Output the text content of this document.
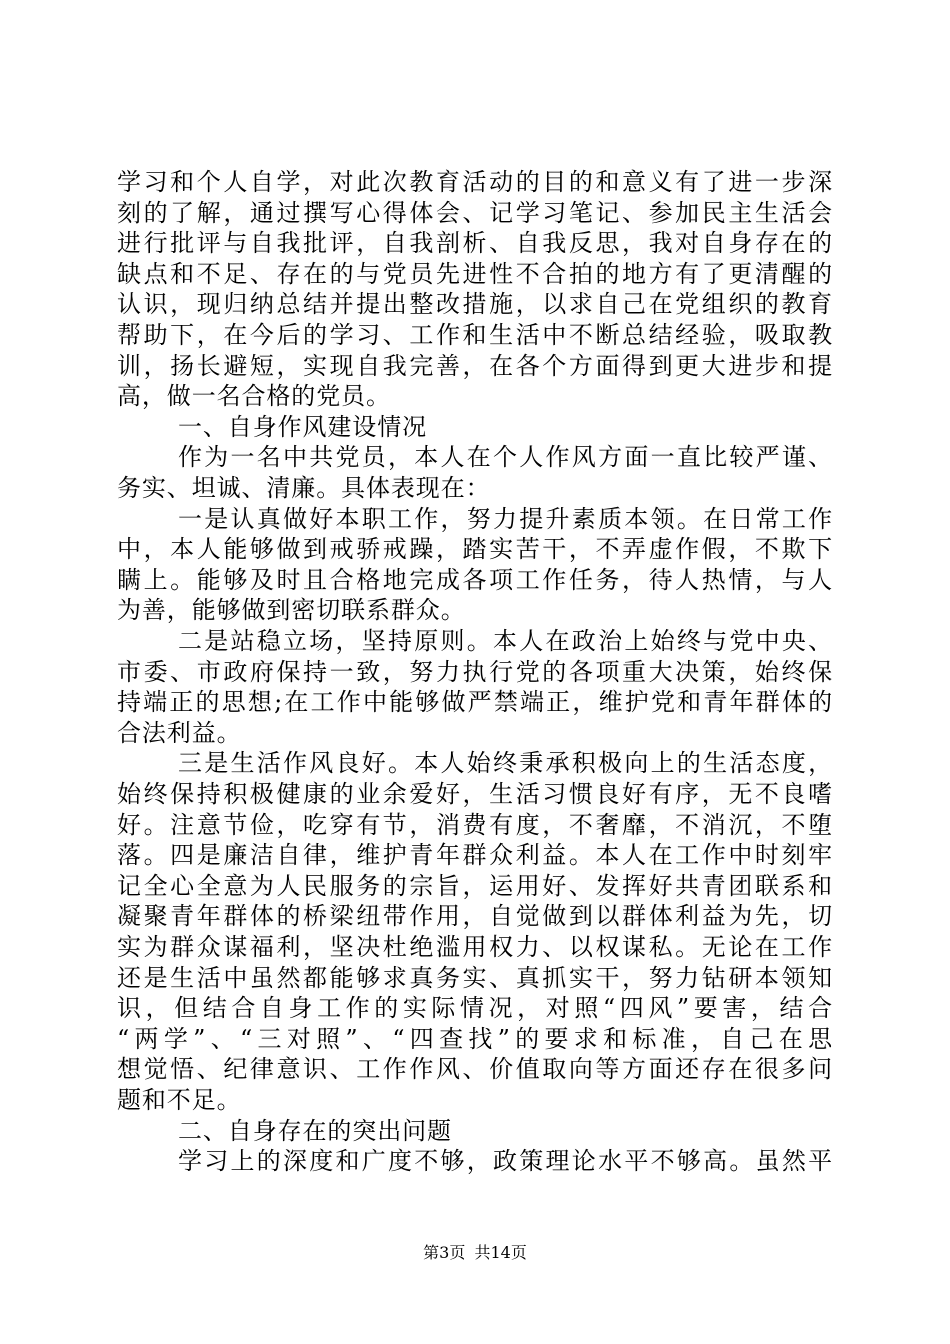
学习和个人自学，对此次教育活动的目的和意义有了进一步深
刻的了解，通过撰写心得体会、记学习笔记、参加民主生活会
进行批评与自我批评，自我剖析、自我反思，我对自身存在的
缺点和不足、存在的与党员先进性不合拍的地方有了更清醒的
认识，现归纳总结并提出整改措施，以求自己在党组织的教育
帮助下，在今后的学习、工作和生活中不断总结经验，吸取教
训，扬长避短，实现自我完善，在各个方面得到更大进步和提
高，做一名合格的党员。
一、自身作风建设情况
作为一名中共党员，本人在个人作风方面一直比较严谨、
务实、坦诚、清廉。具体表现在：
一是认真做好本职工作，努力提升素质本领。在日常工作
中，本人能够做到戒骄戒躁，踏实苦干，不弄虚作假，不欺下
瞒上。能够及时且合格地完成各项工作任务，待人热情，与人
为善，能够做到密切联系群众。
二是站稳立场，坚持原则。本人在政治上始终与党中央、
市委、市政府保持一致，努力执行党的各项重大决策，始终保
持端正的思想;在工作中能够做严禁端正，维护党和青年群体的
合法利益。
三是生活作风良好。本人始终秉承积极向上的生活态度，
始终保持积极健康的业余爱好，生活习惯良好有序，无不良嗜
好。注意节俭，吃穿有节，消费有度，不奢靡，不消沉，不堕
落。四是廉洁自律，维护青年群众利益。本人在工作中时刻牢
记全心全意为人民服务的宗旨，运用好、发挥好共青团联系和
凝聚青年群体的桥梁纽带作用，自觉做到以群体利益为先，切
实为群众谋福利，坚决杜绝滥用权力、以权谋私。无论在工作
还是生活中虽然都能够求真务实、真抓实干，努力钻研本领知
识，但结合自身工作的实际情况，对照“四风”要害，结合
“两学”、“三对照”、“四查找”的要求和标准，自己在思
想觉悟、纪律意识、工作作风、价值取向等方面还存在很多问
题和不足。
二、自身存在的突出问题
学习上的深度和广度不够，政策理论水平不够高。虽然平
第3页 共14页
